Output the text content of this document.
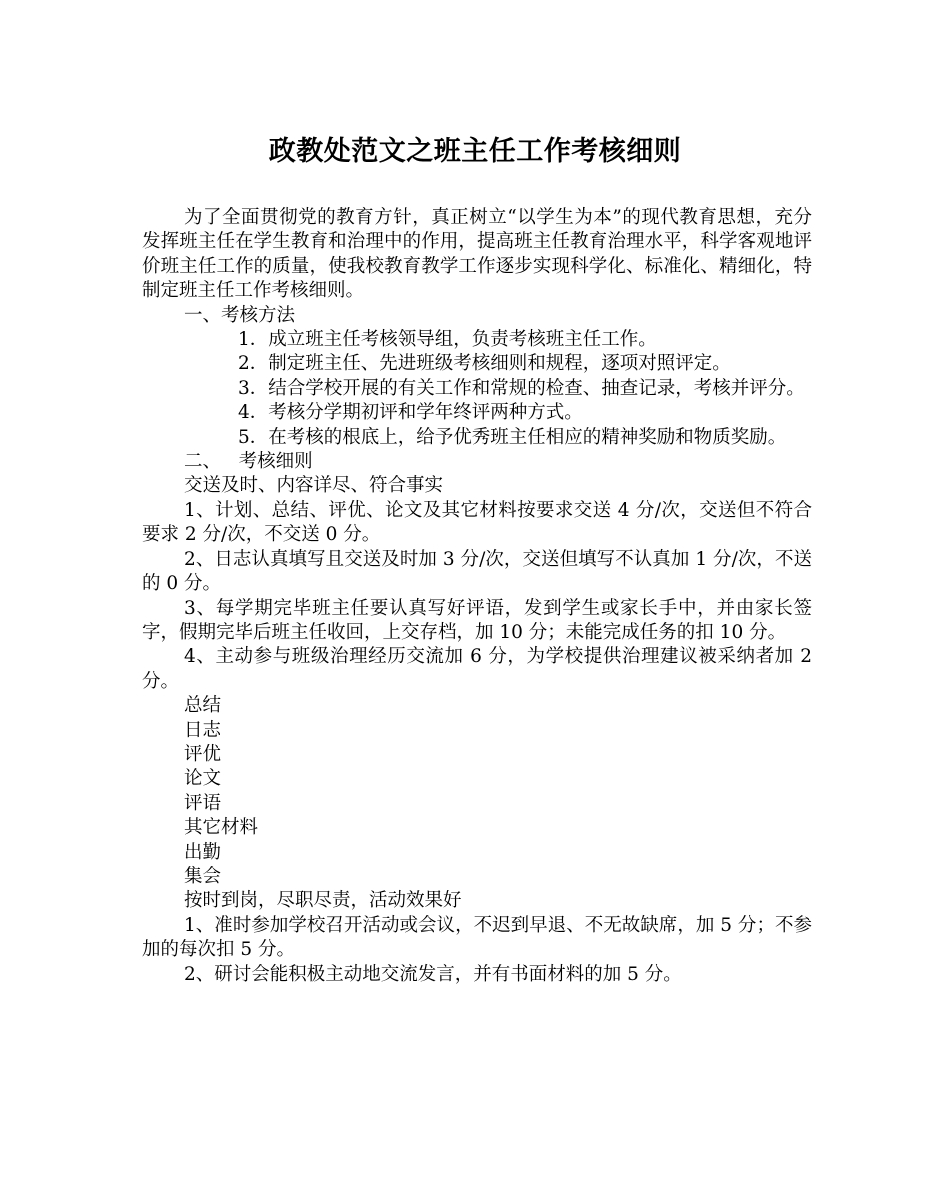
政教处范文之班主任工作考核细则

为了全面贯彻党的教育方针，真正树立“以学生为本”的现代教育思想，充分发挥班主任在学生教育和治理中的作用，提高班主任教育治理水平，科学客观地评价班主任工作的质量，使我校教育教学工作逐步实现科学化、标准化、精细化，特制定班主任工作考核细则。

一、考核方法

1．成立班主任考核领导组，负责考核班主任工作。

2．制定班主任、先进班级考核细则和规程，逐项对照评定。

3．结合学校开展的有关工作和常规的检查、抽查记录，考核并评分。

4．考核分学期初评和学年终评两种方式。

5．在考核的根底上，给予优秀班主任相应的精神奖励和物质奖励。

二、   考核细则

交送及时、内容详尽、符合事实

1、计划、总结、评优、论文及其它材料按要求交送 4 分/次，交送但不符合要求 2 分/次，不交送 0 分。

2、日志认真填写且交送及时加 3 分/次，交送但填写不认真加 1 分/次，不送的 0 分。

3、每学期完毕班主任要认真写好评语，发到学生或家长手中，并由家长签字，假期完毕后班主任收回，上交存档，加 10 分；未能完成任务的扣 10 分。

4、主动参与班级治理经历交流加 6 分，为学校提供治理建议被采纳者加 2 分。

总结

日志

评优

论文

评语

其它材料

出勤

集会

按时到岗，尽职尽责，活动效果好

1、准时参加学校召开活动或会议，不迟到早退、不无故缺席，加 5 分；不参加的每次扣 5 分。

2、研讨会能积极主动地交流发言，并有书面材料的加 5 分。
